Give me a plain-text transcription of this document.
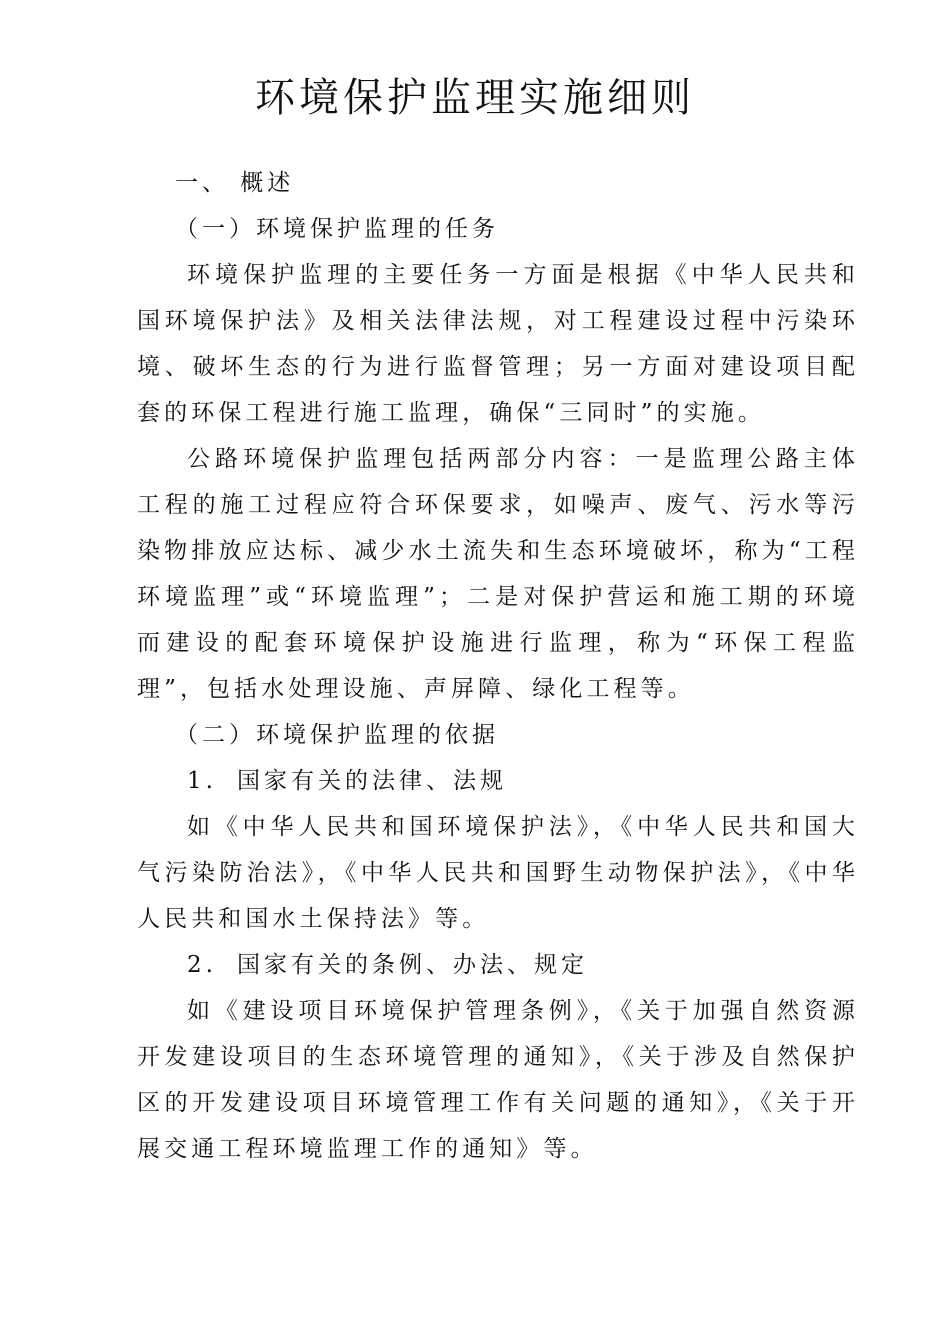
环境保护监理实施细则

一、 概述

（一）环境保护监理的任务

环境保护监理的主要任务一方面是根据《中华人民共和国环境保护法》及相关法律法规，对工程建设过程中污染环境、破坏生态的行为进行监督管理；另一方面对建设项目配套的环保工程进行施工监理，确保“三同时”的实施。

公路环境保护监理包括两部分内容：一是监理公路主体工程的施工过程应符合环保要求，如噪声、废气、污水等污染物排放应达标、减少水土流失和生态环境破坏，称为“工程环境监理”或“环境监理”；二是对保护营运和施工期的环境而建设的配套环境保护设施进行监理，称为“环保工程监理”，包括水处理设施、声屏障、绿化工程等。

（二）环境保护监理的依据

1. 国家有关的法律、法规

如《中华人民共和国环境保护法》，《中华人民共和国大气污染防治法》，《中华人民共和国野生动物保护法》，《中华人民共和国水土保持法》等。

2. 国家有关的条例、办法、规定

如《建设项目环境保护管理条例》，《关于加强自然资源开发建设项目的生态环境管理的通知》，《关于涉及自然保护区的开发建设项目环境管理工作有关问题的通知》，《关于开展交通工程环境监理工作的通知》等。
